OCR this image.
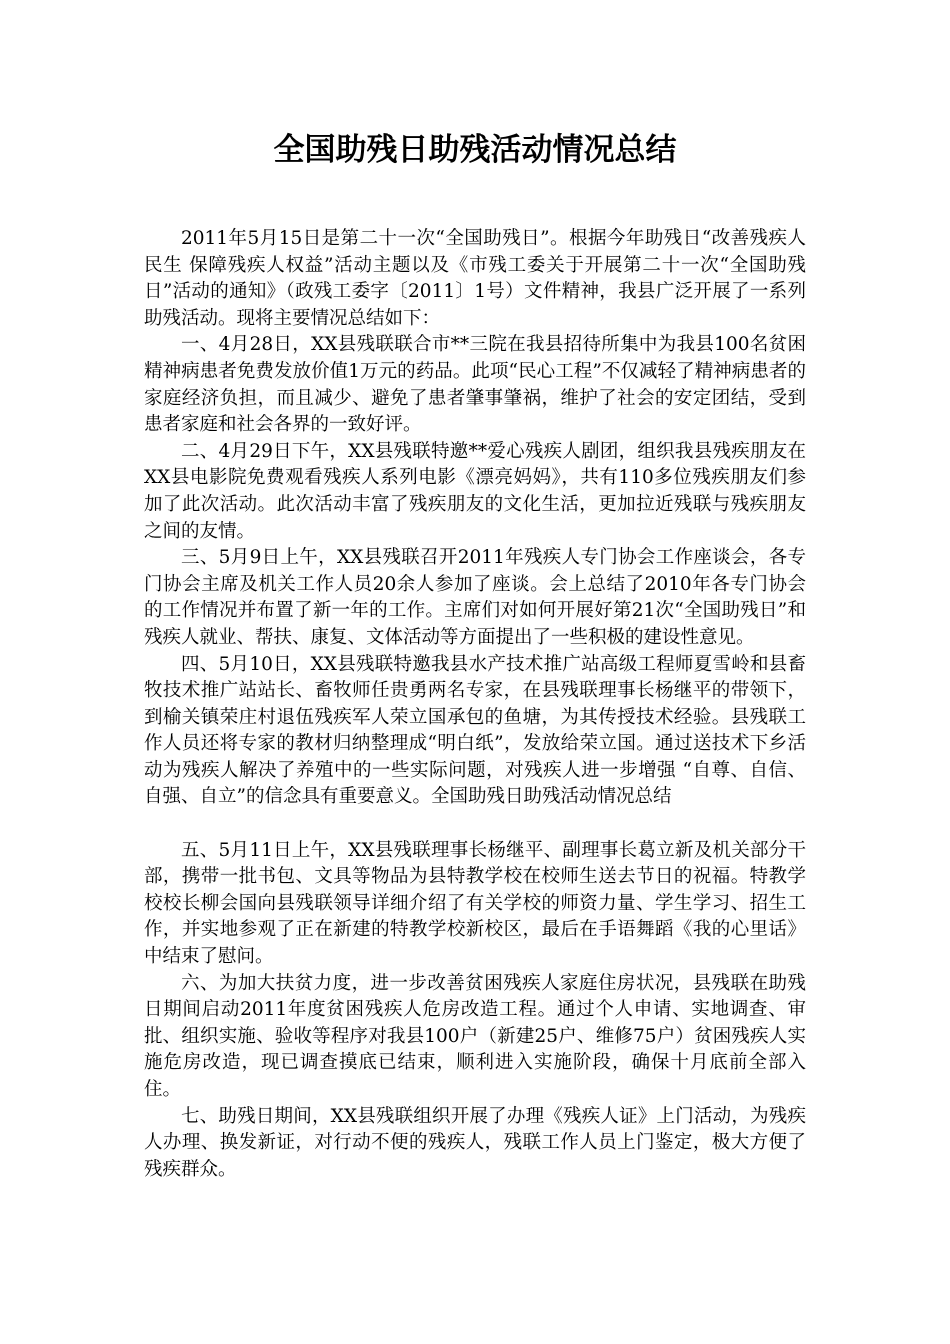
全国助残日助残活动情况总结

2011年5月15日是第二十一次“全国助残日”。根据今年助残日“改善残疾人民生 保障残疾人权益”活动主题以及《市残工委关于开展第二十一次“全国助残日”活动的通知》（政残工委字〔2011〕1号）文件精神，我县广泛开展了一系列助残活动。现将主要情况总结如下：

一、4月28日，XX县残联联合市**三院在我县招待所集中为我县100名贫困精神病患者免费发放价值1万元的药品。此项“民心工程”不仅减轻了精神病患者的家庭经济负担，而且减少、避免了患者肇事肇祸，维护了社会的安定团结，受到患者家庭和社会各界的一致好评。

二、4月29日下午，XX县残联特邀**爱心残疾人剧团，组织我县残疾朋友在XX县电影院免费观看残疾人系列电影《漂亮妈妈》，共有110多位残疾朋友们参加了此次活动。此次活动丰富了残疾朋友的文化生活，更加拉近残联与残疾朋友之间的友情。

三、5月9日上午，XX县残联召开2011年残疾人专门协会工作座谈会，各专门协会主席及机关工作人员20余人参加了座谈。会上总结了2010年各专门协会的工作情况并布置了新一年的工作。主席们对如何开展好第21次“全国助残日”和残疾人就业、帮扶、康复、文体活动等方面提出了一些积极的建设性意见。

四、5月10日，XX县残联特邀我县水产技术推广站高级工程师夏雪岭和县畜牧技术推广站站长、畜牧师任贵勇两名专家，在县残联理事长杨继平的带领下，到榆关镇荣庄村退伍残疾军人荣立国承包的鱼塘，为其传授技术经验。县残联工作人员还将专家的教材归纳整理成“明白纸”，发放给荣立国。通过送技术下乡活动为残疾人解决了养殖中的一些实际问题，对残疾人进一步增强 “自尊、自信、自强、自立”的信念具有重要意义。全国助残日助残活动情况总结

五、5月11日上午，XX县残联理事长杨继平、副理事长葛立新及机关部分干部，携带一批书包、文具等物品为县特教学校在校师生送去节日的祝福。特教学校校长柳会国向县残联领导详细介绍了有关学校的师资力量、学生学习、招生工作，并实地参观了正在新建的特教学校新校区，最后在手语舞蹈《我的心里话》中结束了慰问。

六、为加大扶贫力度，进一步改善贫困残疾人家庭住房状况，县残联在助残日期间启动2011年度贫困残疾人危房改造工程。通过个人申请、实地调查、审批、组织实施、验收等程序对我县100户（新建25户、维修75户）贫困残疾人实施危房改造，现已调查摸底已结束，顺利进入实施阶段，确保十月底前全部入住。

七、助残日期间，XX县残联组织开展了办理《残疾人证》上门活动，为残疾人办理、换发新证，对行动不便的残疾人，残联工作人员上门鉴定，极大方便了残疾群众。
